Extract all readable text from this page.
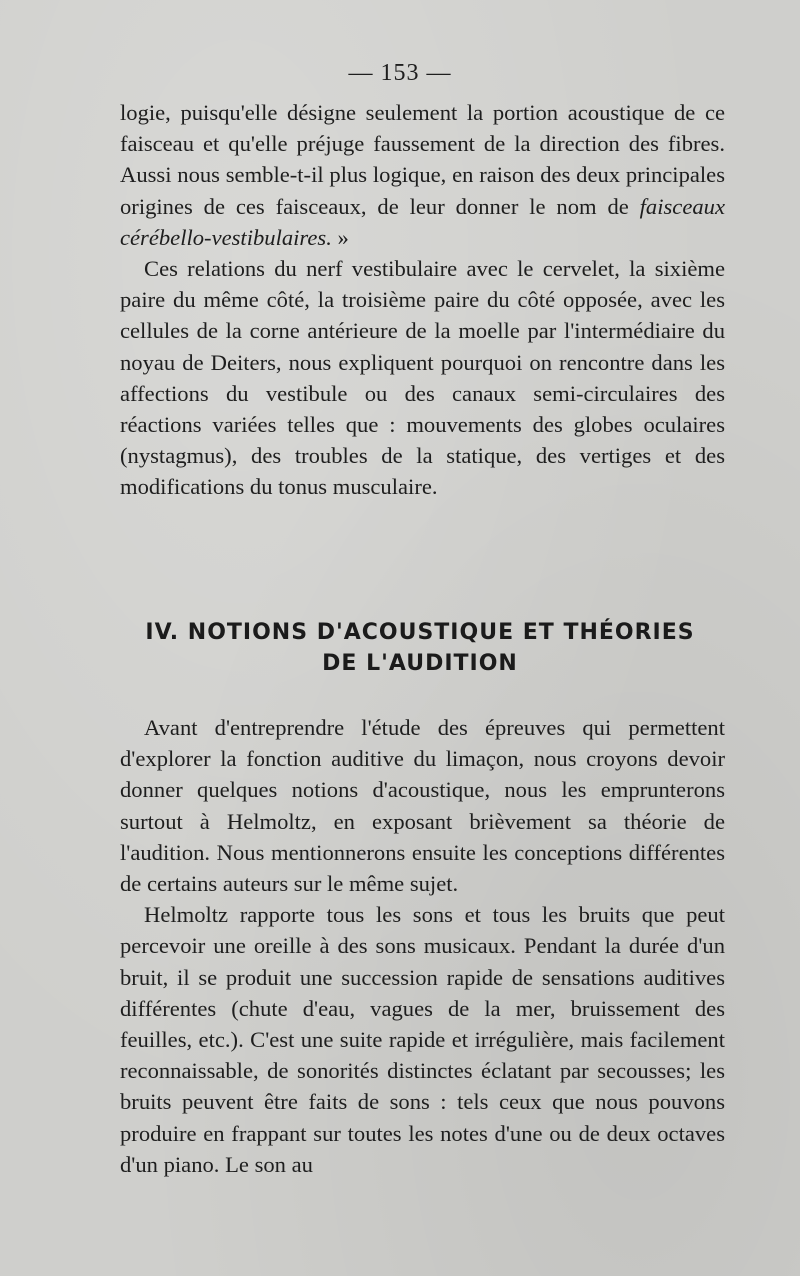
— 153 —

logie, puisqu'elle désigne seulement la portion acoustique de ce faisceau et qu'elle préjuge faussement de la direction des fibres. Aussi nous semble-t-il plus logique, en raison des deux principales origines de ces faisceaux, de leur donner le nom de faisceaux cérébello-vestibulaires. »

Ces relations du nerf vestibulaire avec le cervelet, la sixième paire du même côté, la troisième paire du côté opposée, avec les cellules de la corne antérieure de la moelle par l'intermédiaire du noyau de Deiters, nous expliquent pourquoi on rencontre dans les affections du vestibule ou des canaux semi-circulaires des réactions variées telles que : mouvements des globes oculaires (nystagmus), des troubles de la statique, des vertiges et des modifications du tonus musculaire.

IV. NOTIONS D'ACOUSTIQUE ET THÉORIES
DE L'AUDITION

Avant d'entreprendre l'étude des épreuves qui permettent d'explorer la fonction auditive du limaçon, nous croyons devoir donner quelques notions d'acoustique, nous les emprunterons surtout à Helmoltz, en exposant brièvement sa théorie de l'audition. Nous mentionnerons ensuite les conceptions différentes de certains auteurs sur le même sujet.

Helmoltz rapporte tous les sons et tous les bruits que peut percevoir une oreille à des sons musicaux. Pendant la durée d'un bruit, il se produit une succession rapide de sensations auditives différentes (chute d'eau, vagues de la mer, bruissement des feuilles, etc.). C'est une suite rapide et irrégulière, mais facilement reconnaissable, de sonorités distinctes éclatant par secousses; les bruits peuvent être faits de sons : tels ceux que nous pouvons produire en frappant sur toutes les notes d'une ou de deux octaves d'un piano. Le son au
